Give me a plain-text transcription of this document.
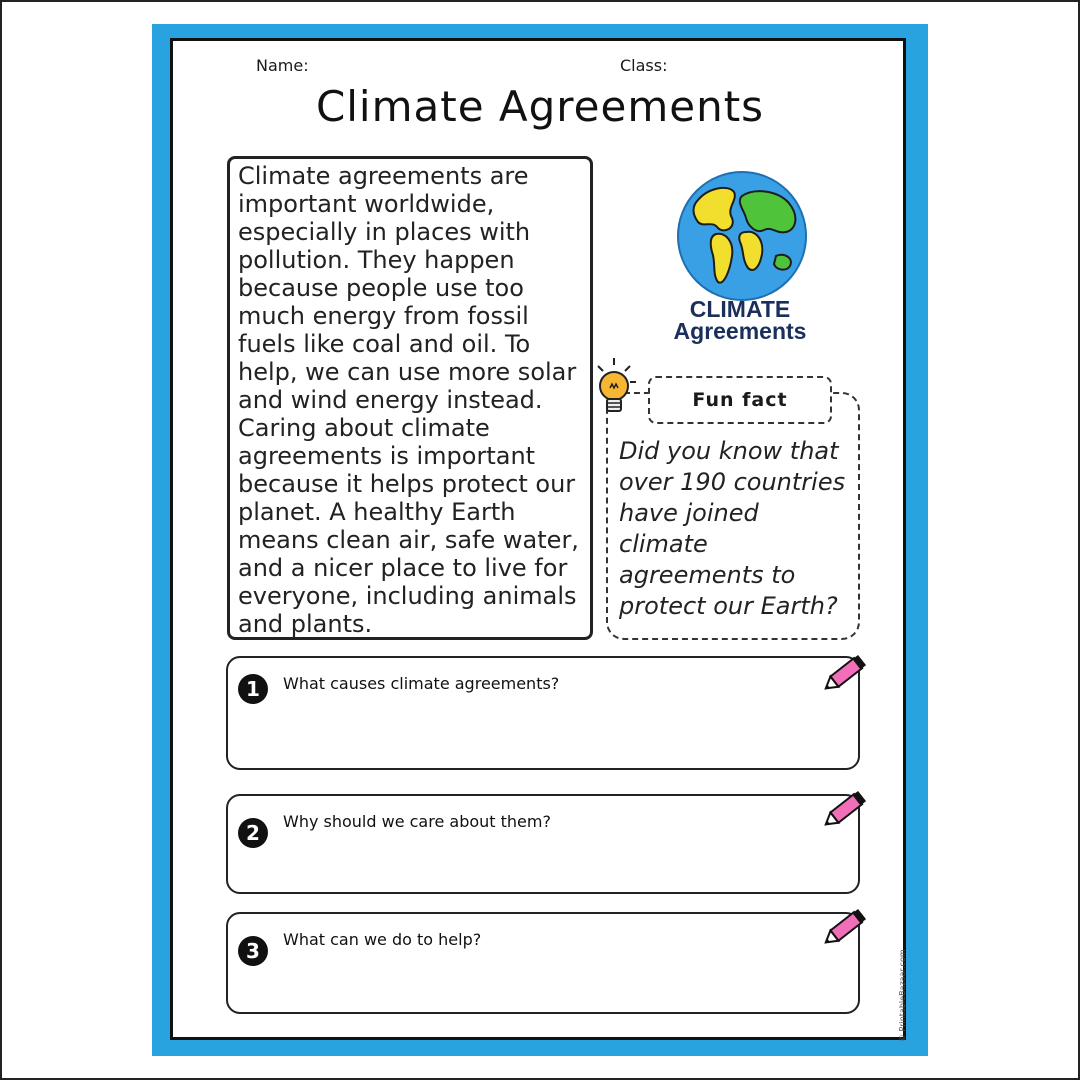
Name:	Class:
Climate Agreements
Climate agreements are important worldwide, especially in places with pollution. They happen because people use too much energy from fossil fuels like coal and oil. To help, we can use more solar and wind energy instead. Caring about climate agreements is important because it helps protect our planet. A healthy Earth means clean air, safe water, and a nicer place to live for everyone, including animals and plants.
CLIMATE
Agreements
Fun fact
Did you know that over 190 countries have joined climate agreements to protect our Earth?
1	What causes climate agreements?
2	Why should we care about them?
3	What can we do to help?
© PrintableBazaar.com
